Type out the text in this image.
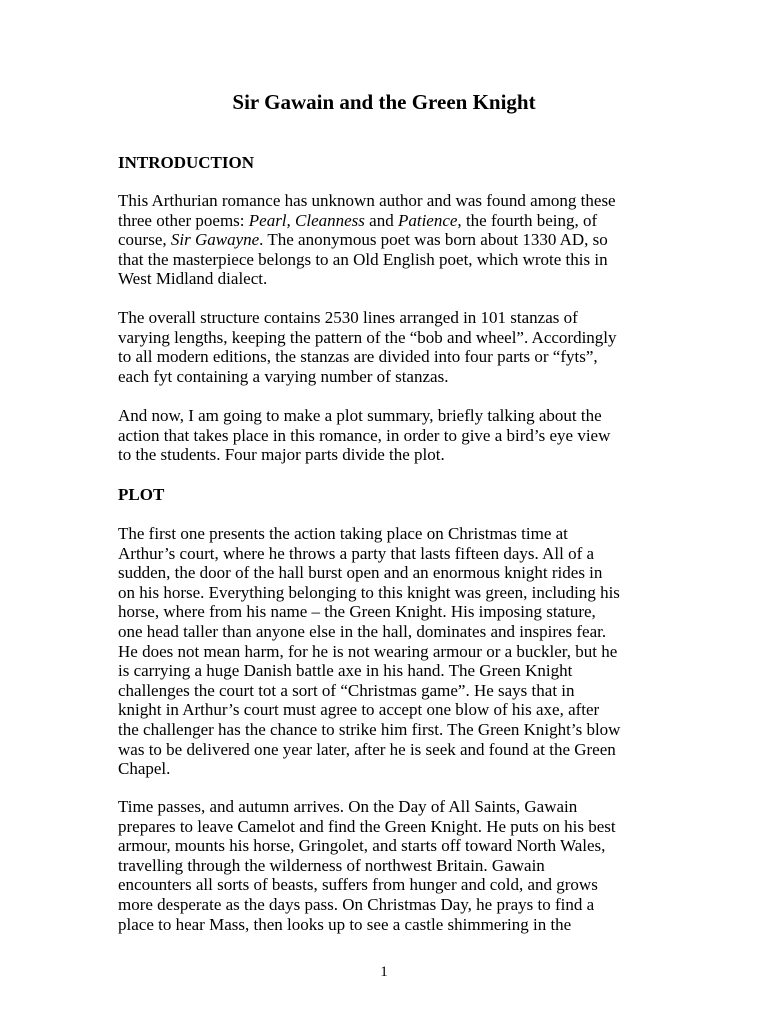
Sir Gawain and the Green Knight
INTRODUCTION
This Arthurian romance has unknown author and was found among these
three other poems: Pearl, Cleanness and Patience, the fourth being, of
course, Sir Gawayne. The anonymous poet was born about 1330 AD, so
that the masterpiece belongs to an Old English poet, which wrote this in
West Midland dialect.
The overall structure contains 2530 lines arranged in 101 stanzas of
varying lengths, keeping the pattern of the “bob and wheel”. Accordingly
to all modern editions, the stanzas are divided into four parts or “fyts”,
each fyt containing a varying number of stanzas.
And now, I am going to make a plot summary, briefly talking about the
action that takes place in this romance, in order to give a bird’s eye view
to the students. Four major parts divide the plot.
PLOT
The first one presents the action taking place on Christmas time at
Arthur’s court, where he throws a party that lasts fifteen days. All of a
sudden, the door of the hall burst open and an enormous knight rides in
on his horse. Everything belonging to this knight was green, including his
horse, where from his name – the Green Knight. His imposing stature,
one head taller than anyone else in the hall, dominates and inspires fear.
He does not mean harm, for he is not wearing armour or a buckler, but he
is carrying a huge Danish battle axe in his hand. The Green Knight
challenges the court tot a sort of “Christmas game”. He says that in
knight in Arthur’s court must agree to accept one blow of his axe, after
the challenger has the chance to strike him first. The Green Knight’s blow
was to be delivered one year later, after he is seek and found at the Green
Chapel.
Time passes, and autumn arrives. On the Day of All Saints, Gawain
prepares to leave Camelot and find the Green Knight. He puts on his best
armour, mounts his horse, Gringolet, and starts off toward North Wales,
travelling through the wilderness of northwest Britain. Gawain
encounters all sorts of beasts, suffers from hunger and cold, and grows
more desperate as the days pass. On Christmas Day, he prays to find a
place to hear Mass, then looks up to see a castle shimmering in the
1
